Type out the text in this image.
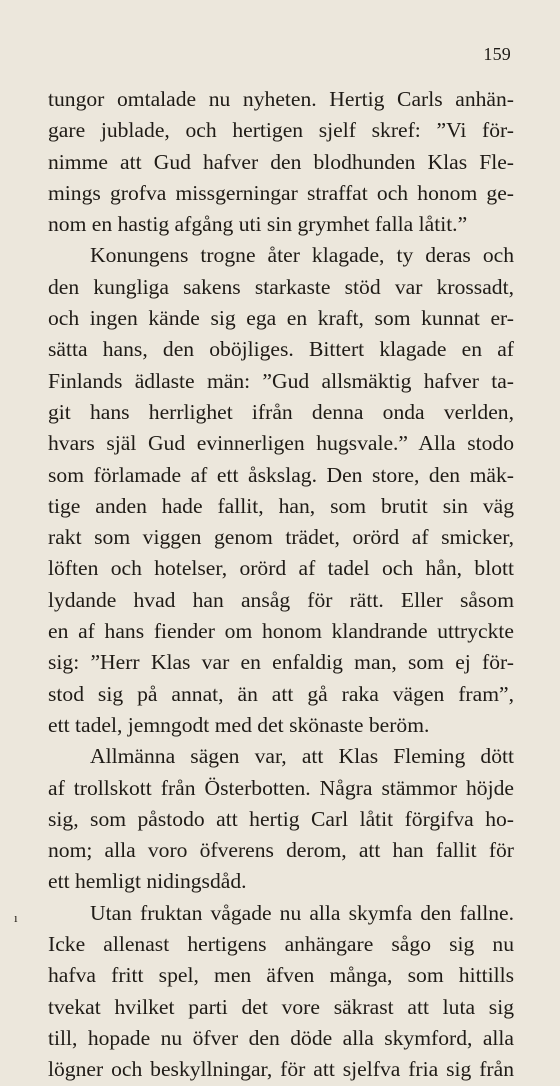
159
tungor omtalade nu nyheten. Hertig Carls anhän-
gare jublade, och hertigen sjelf skref: ”Vi för-
nimme att Gud hafver den blodhunden Klas Fle-
mings grofva missgerningar straffat och honom ge-
nom en hastig afgång uti sin grymhet falla låtit.”
Konungens trogne åter klagade, ty deras och
den kungliga sakens starkaste stöd var krossadt,
och ingen kände sig ega en kraft, som kunnat er-
sätta hans, den oböjliges. Bittert klagade en af
Finlands ädlaste män: ”Gud allsmäktig hafver ta-
git hans herrlighet ifrån denna onda verlden,
hvars själ Gud evinnerligen hugsvale.” Alla stodo
som förlamade af ett åskslag. Den store, den mäk-
tige anden hade fallit, han, som brutit sin väg
rakt som viggen genom trädet, orörd af smicker,
löften och hotelser, orörd af tadel och hån, blott
lydande hvad han ansåg för rätt. Eller såsom
en af hans fiender om honom klandrande uttryckte
sig: ”Herr Klas var en enfaldig man, som ej för-
stod sig på annat, än att gå raka vägen fram”,
ett tadel, jemngodt med det skönaste beröm.
Allmänna sägen var, att Klas Fleming dött
af trollskott från Österbotten. Några stämmor höjde
sig, som påstodo att hertig Carl låtit förgifva ho-
nom; alla voro öfverens derom, att han fallit för
ett hemligt nidingsdåd.
Utan fruktan vågade nu alla skymfa den fallne.
Icke allenast hertigens anhängare sågo sig nu
hafva fritt spel, men äfven många, som hittills
tvekat hvilket parti det vore säkrast att luta sig
till, hopade nu öfver den döde alla skymford, alla
lögner och beskyllningar, för att sjelfva fria sig från
ı
